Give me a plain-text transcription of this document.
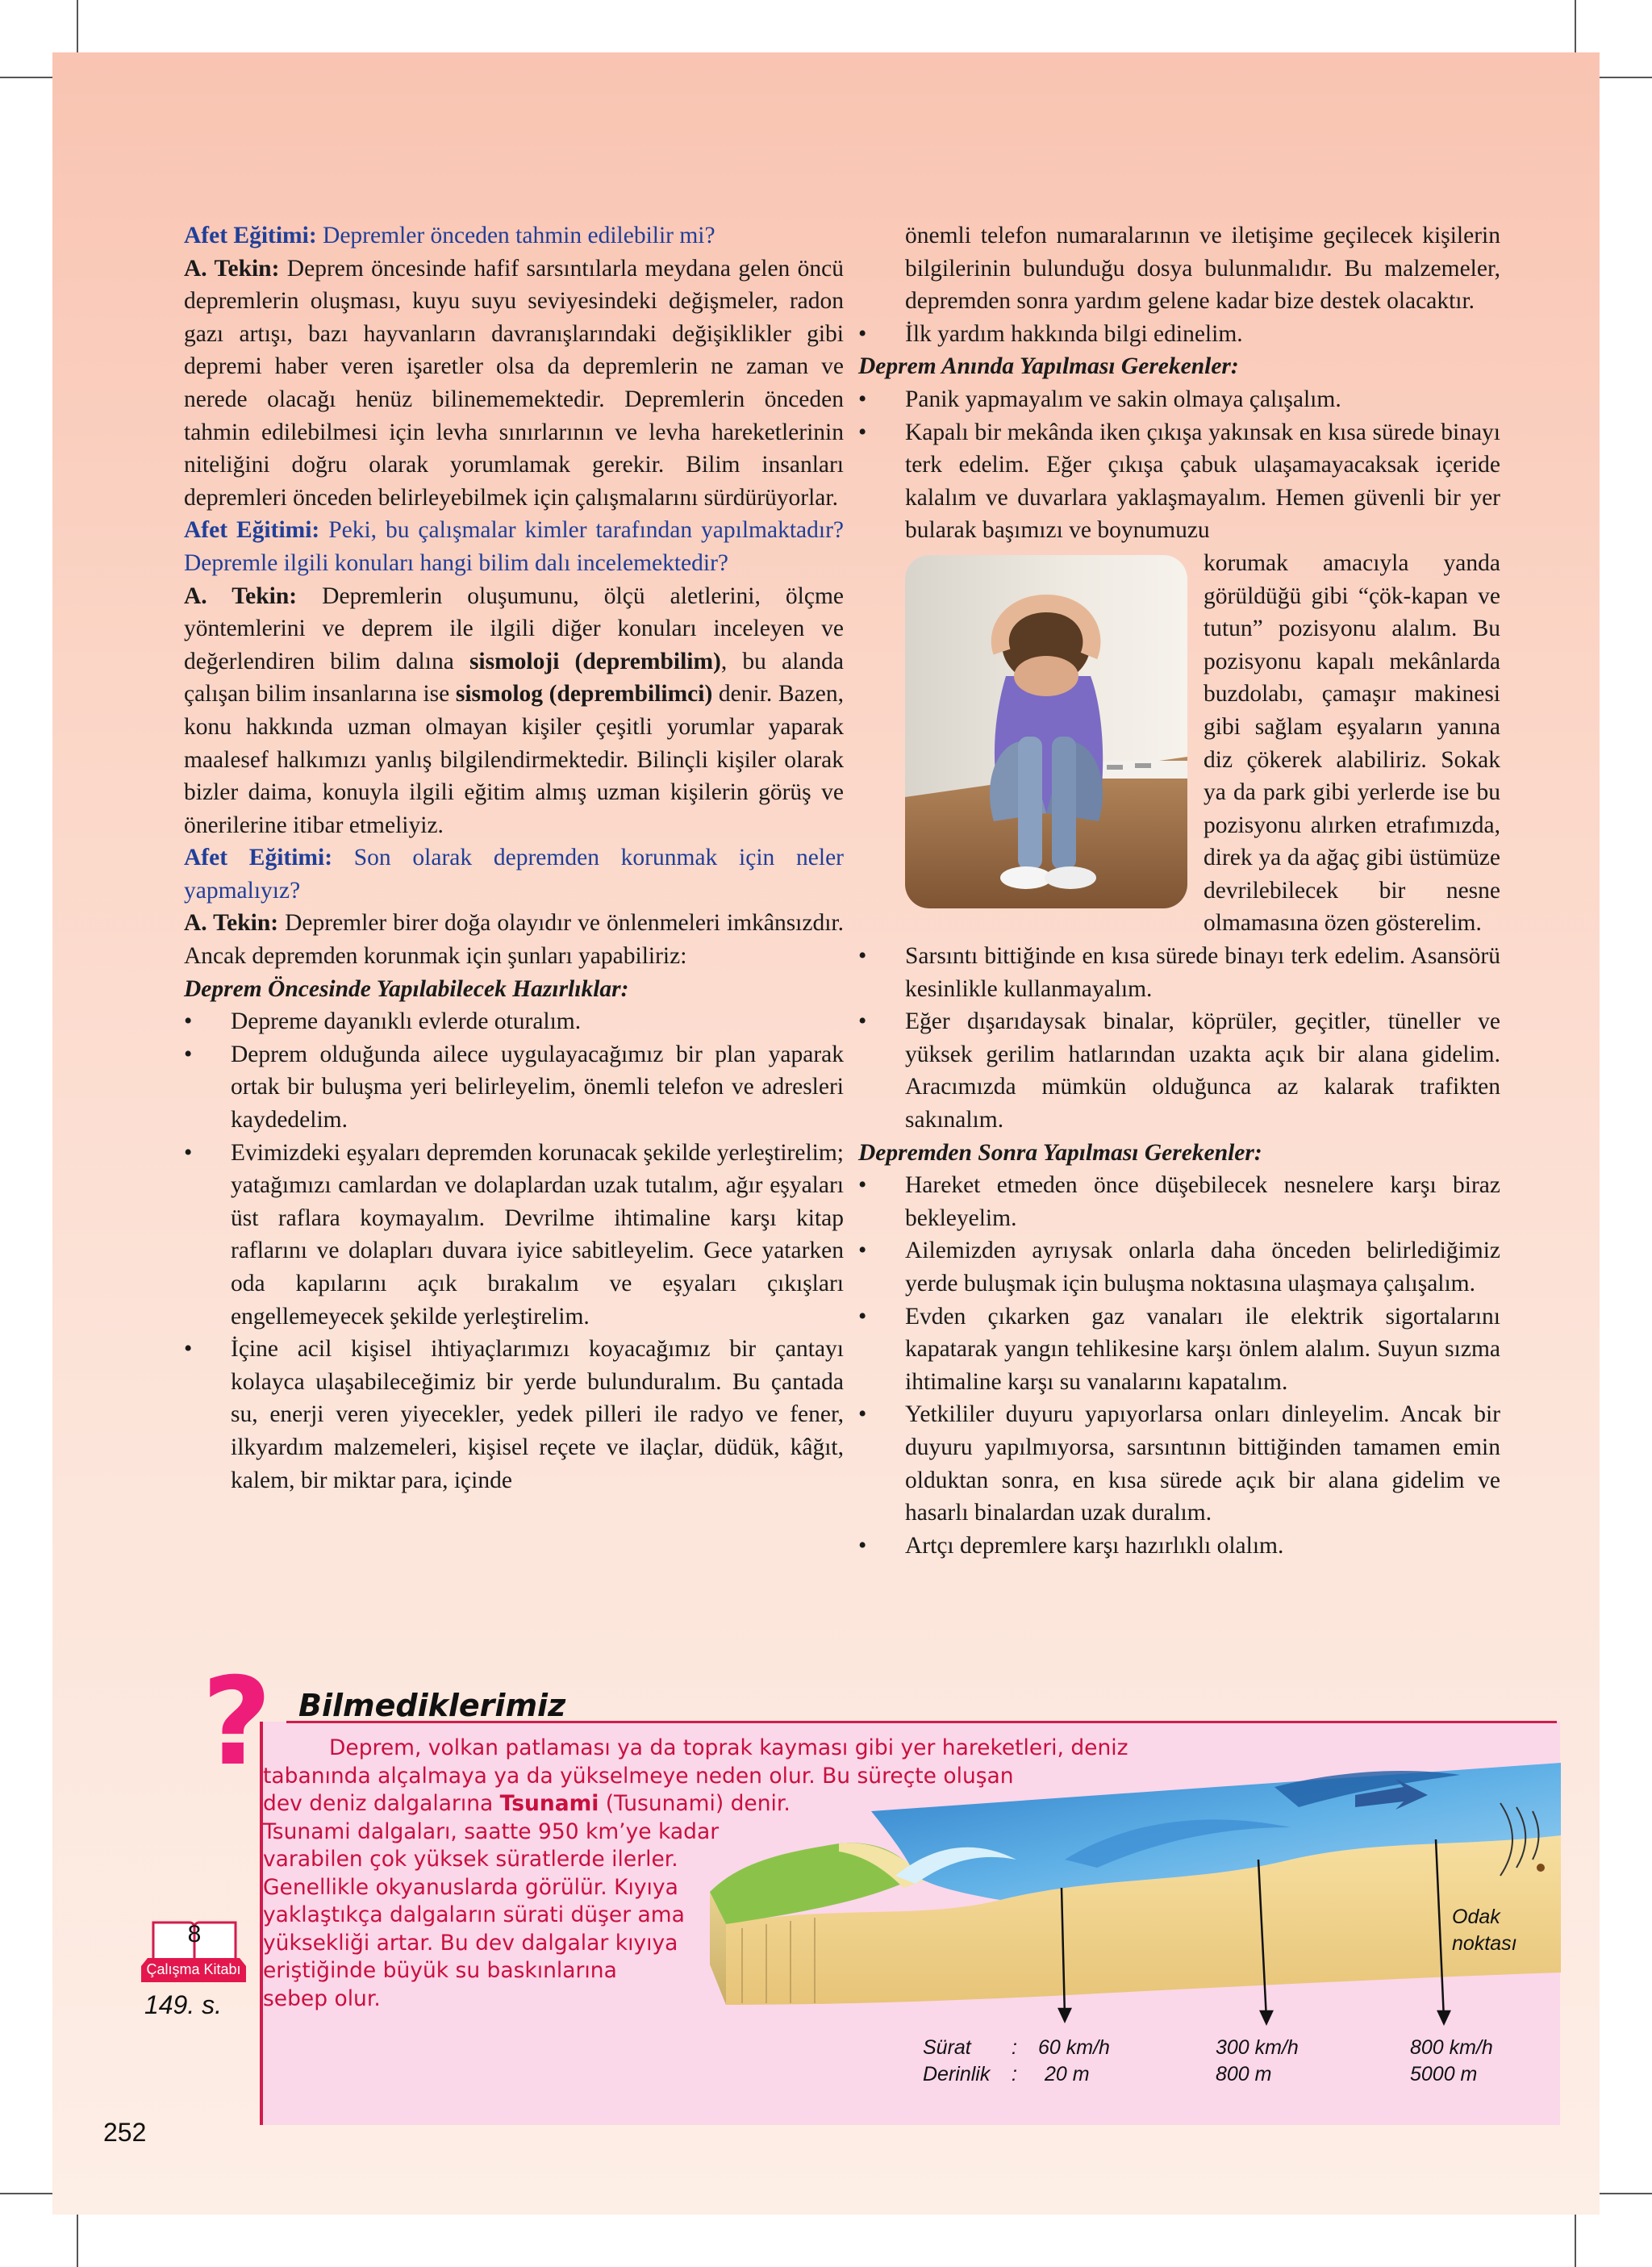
Afet Eğitimi: Depremler önceden tahmin edilebilir mi?

A. Tekin: Deprem öncesinde hafif sarsıntılarla meydana gelen öncü depremlerin oluşması, kuyu suyu seviyesindeki değişmeler, radon gazı artışı, bazı hayvanların davranışlarındaki değişiklikler gibi depremi haber veren işaretler olsa da depremlerin ne zaman ve nerede olacağı henüz bilinememektedir. Depremlerin önceden tahmin edilebilmesi için levha sınırlarının ve levha hareketlerinin niteliğini doğru olarak yorumlamak gerekir. Bilim insanları depremleri önceden belirleyebilmek için çalışmalarını sürdürüyorlar.

Afet Eğitimi: Peki, bu çalışmalar kimler tarafından yapılmaktadır? Depremle ilgili konuları hangi bilim dalı incelemektedir?

A. Tekin: Depremlerin oluşumunu, ölçü aletlerini, ölçme yöntemlerini ve deprem ile ilgili diğer konuları inceleyen ve değerlendiren bilim dalına sismoloji (deprembilim), bu alanda çalışan bilim insanlarına ise sismolog (deprembilimci) denir. Bazen, konu hakkında uzman olmayan kişiler çeşitli yorumlar yaparak maalesef halkımızı yanlış bilgilendirmektedir. Bilinçli kişiler olarak bizler daima, konuyla ilgili eğitim almış uzman kişilerin görüş ve önerilerine itibar etmeliyiz.

Afet Eğitimi: Son olarak depremden korunmak için neler yapmalıyız?

A. Tekin: Depremler birer doğa olayıdır ve önlenmeleri imkânsızdır. Ancak depremden korunmak için şunları yapabiliriz:

Deprem Öncesinde Yapılabilecek Hazırlıklar:

• Depreme dayanıklı evlerde oturalım.
• Deprem olduğunda ailece uygulayacağımız bir plan yaparak ortak bir buluşma yeri belirleyelim, önemli telefon ve adresleri kaydedelim.
• Evimizdeki eşyaları depremden korunacak şekilde yerleştirelim; yatağımızı camlardan ve dolaplardan uzak tutalım, ağır eşyaları üst raflara koymayalım. Devrilme ihtimaline karşı kitap raflarını ve dolapları duvara iyice sabitleyelim. Gece yatarken oda kapılarını açık bırakalım ve eşyaları çıkışları engellemeyecek şekilde yerleştirelim.
• İçine acil kişisel ihtiyaçlarımızı koyacağımız bir çantayı kolayca ulaşabileceğimiz bir yerde bulunduralım. Bu çantada su, enerji veren yiyecekler, yedek pilleri ile radyo ve fener, ilkyardım malzemeleri, kişisel reçete ve ilaçlar, düdük, kâğıt, kalem, bir miktar para, içinde

önemli telefon numaralarının ve iletişime geçilecek kişilerin bilgilerinin bulunduğu dosya bulunmalıdır. Bu malzemeler, depremden sonra yardım gelene kadar bize destek olacaktır.

• İlk yardım hakkında bilgi edinelim.

Deprem Anında Yapılması Gerekenler:

• Panik yapmayalım ve sakin olmaya çalışalım.
• Kapalı bir mekânda iken çıkışa yakınsak en kısa sürede binayı terk edelim. Eğer çıkışa çabuk ulaşamayacaksak içeride kalalım ve duvarlara yaklaşmayalım. Hemen güvenli bir yer bularak başımızı ve boynumuzu
korumak amacıyla yanda görüldüğü gibi “çök-kapan ve tutun” pozisyonu alalım. Bu pozisyonu kapalı mekânlarda buzdolabı, çamaşır makinesi gibi sağlam eşyaların yanına diz çökerek alabiliriz. Sokak ya da park gibi yerlerde ise bu pozisyonu alırken etrafımızda, direk ya da ağaç gibi üstümüze devrilebilecek bir nesne olmamasına özen gösterelim.
• Sarsıntı bittiğinde en kısa sürede binayı terk edelim. Asansörü kesinlikle kullanmayalım.
• Eğer dışarıdaysak binalar, köprüler, geçitler, tüneller ve yüksek gerilim hatlarından uzakta açık bir alana gidelim. Aracımızda mümkün olduğunca az kalarak trafikten sakınalım.

Depremden Sonra Yapılması Gerekenler:

• Hareket etmeden önce düşebilecek nesnelere karşı biraz bekleyelim.
• Ailemizden ayrıysak onlarla daha önceden belirlediğimiz yerde buluşmak için buluşma noktasına ulaşmaya çalışalım.
• Evden çıkarken gaz vanaları ile elektrik sigortalarını kapatarak yangın tehlikesine karşı önlem alalım. Suyun sızma ihtimaline karşı su vanalarını kapatalım.
• Yetkililer duyuru yapıyorlarsa onları dinleyelim. Ancak bir duyuru yapılmıyorsa, sarsıntının bittiğinden tamamen emin olduktan sonra, en kısa sürede açık bir alana gidelim ve hasarlı binalardan uzak duralım.
• Artçı depremlere karşı hazırlıklı olalım.
? Bilmediklerimiz
Deprem, volkan patlaması ya da toprak kayması gibi yer hareketleri, deniz
tabanında alçalmaya ya da yükselmeye neden olur. Bu süreçte oluşan
dev deniz dalgalarına Tsunami (Tusunami) denir.
Tsunami dalgaları, saatte 950 km’ye kadar
varabilen çok yüksek süratlerde ilerler.
Genellikle okyanuslarda görülür. Kıyıya
yaklaştıkça dalgaların sürati düşer ama
yüksekliği artar. Bu dev dalgalar kıyıya
eriştiğinde büyük su baskınlarına
sebep olur.
Odak
noktası
Sürat
Derinlik
:
:
60 km/h
20 m
300 km/h
800 m
800 km/h
5000 m
8
Çalışma Kitabı
149. s.
252
